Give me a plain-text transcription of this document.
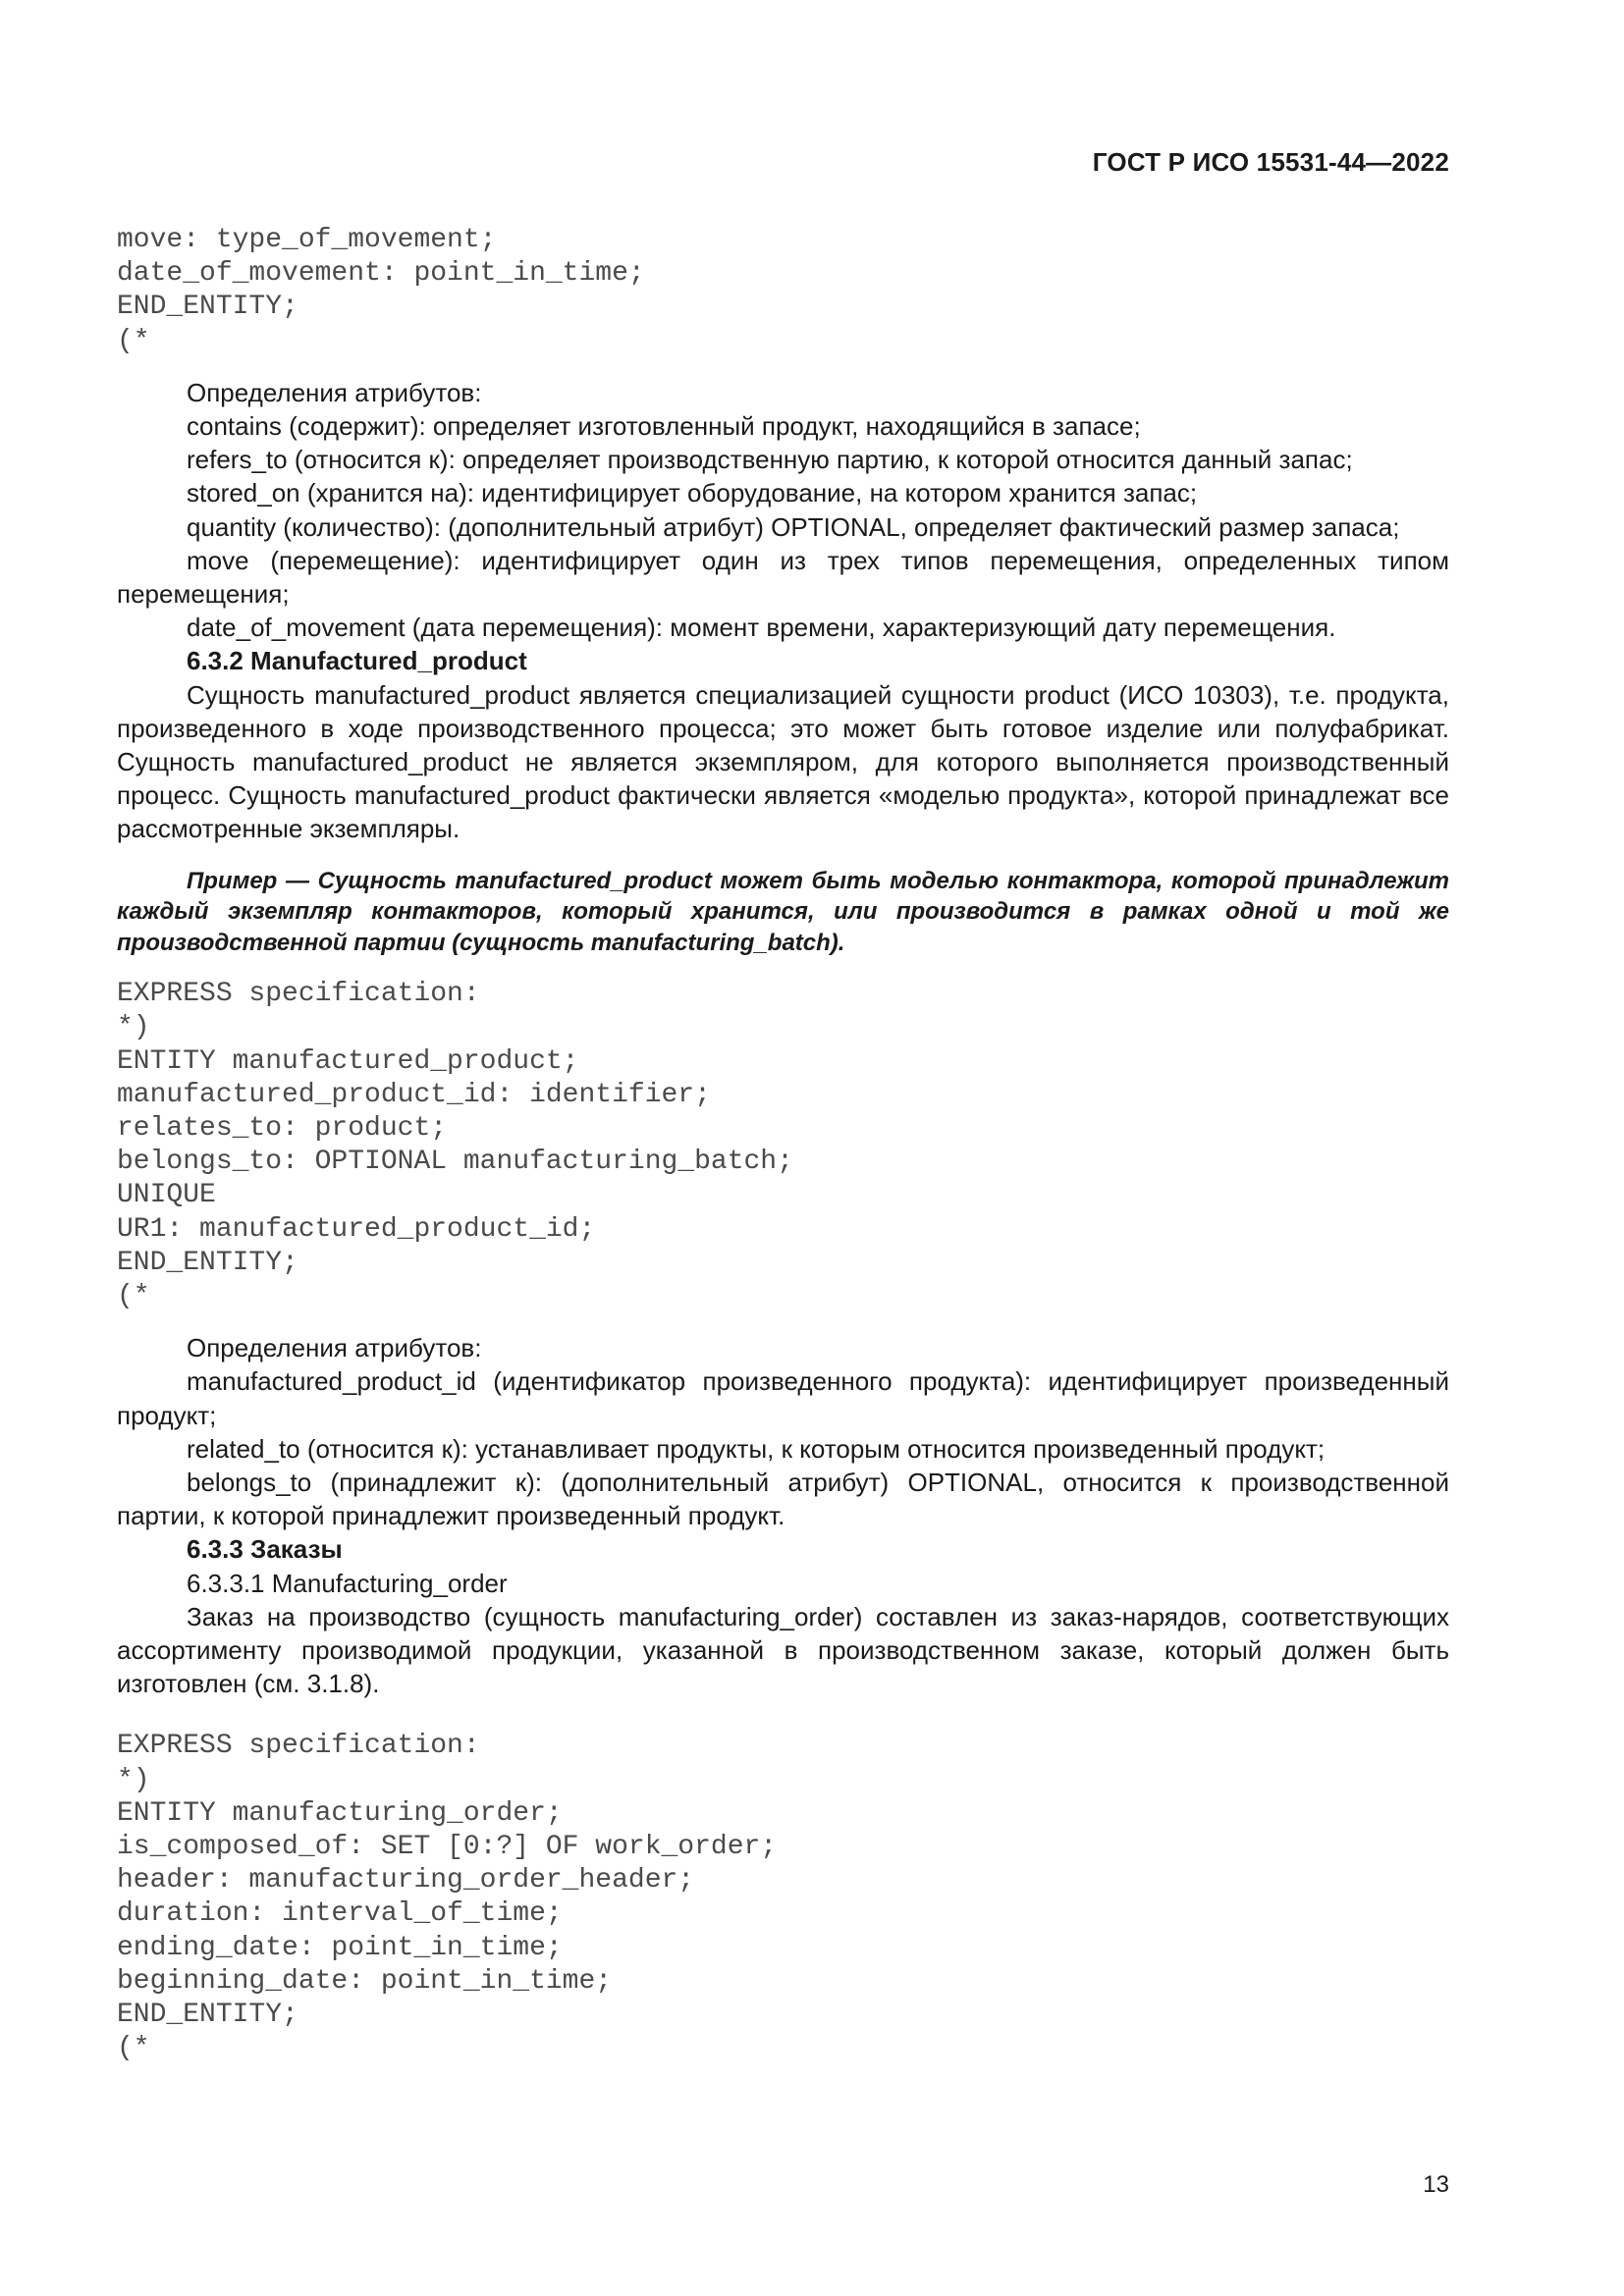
ГОСТ Р ИСО 15531-44—2022
move: type_of_movement;
date_of_movement: point_in_time;
END_ENTITY;
(*

Определения атрибутов:

contains (содержит): определяет изготовленный продукт, находящийся в запасе;

refers_to (относится к): определяет производственную партию, к которой относится данный запас;

stored_on (хранится на): идентифицирует оборудование, на котором хранится запас;

quantity (количество): (дополнительный атрибут) OPTIONAL, определяет фактический размер запаса;

move (перемещение): идентифицирует один из трех типов перемещения, определенных типом перемещения;

date_of_movement (дата перемещения): момент времени, характеризующий дату перемещения.

6.3.2 Manufactured_product

Сущность manufactured_product является специализацией сущности product (ИСО 10303), т.е. продукта, произведенного в ходе производственного процесса; это может быть готовое изделие или полуфабрикат. Сущность manufactured_product не является экземпляром, для которого выполняется производственный процесс. Сущность manufactured_product фактически является «моделью продукта», которой принадлежат все рассмотренные экземпляры.

Пример — Сущность manufactured_product может быть моделью контактора, которой принадлежит каждый экземпляр контакторов, который хранится, или производится в рамках одной и той же производственной партии (сущность manufacturing_batch).

EXPRESS specification:
*)
ENTITY manufactured_product;
manufactured_product_id: identifier;
relates_to: product;
belongs_to: OPTIONAL manufacturing_batch;
UNIQUE
UR1: manufactured_product_id;
END_ENTITY;
(*

Определения атрибутов:

manufactured_product_id (идентификатор произведенного продукта): идентифицирует произведенный продукт;

related_to (относится к): устанавливает продукты, к которым относится произведенный продукт;

belongs_to (принадлежит к): (дополнительный атрибут) OPTIONAL, относится к производственной партии, к которой принадлежит произведенный продукт.

6.3.3 Заказы

6.3.3.1 Manufacturing_order

Заказ на производство (сущность manufacturing_order) составлен из заказ-нарядов, соответствующих ассортименту производимой продукции, указанной в производственном заказе, который должен быть изготовлен (см. 3.1.8).

EXPRESS specification:
*)
ENTITY manufacturing_order;
is_composed_of: SET [0:?] OF work_order;
header: manufacturing_order_header;
duration: interval_of_time;
ending_date: point_in_time;
beginning_date: point_in_time;
END_ENTITY;
(*
13
